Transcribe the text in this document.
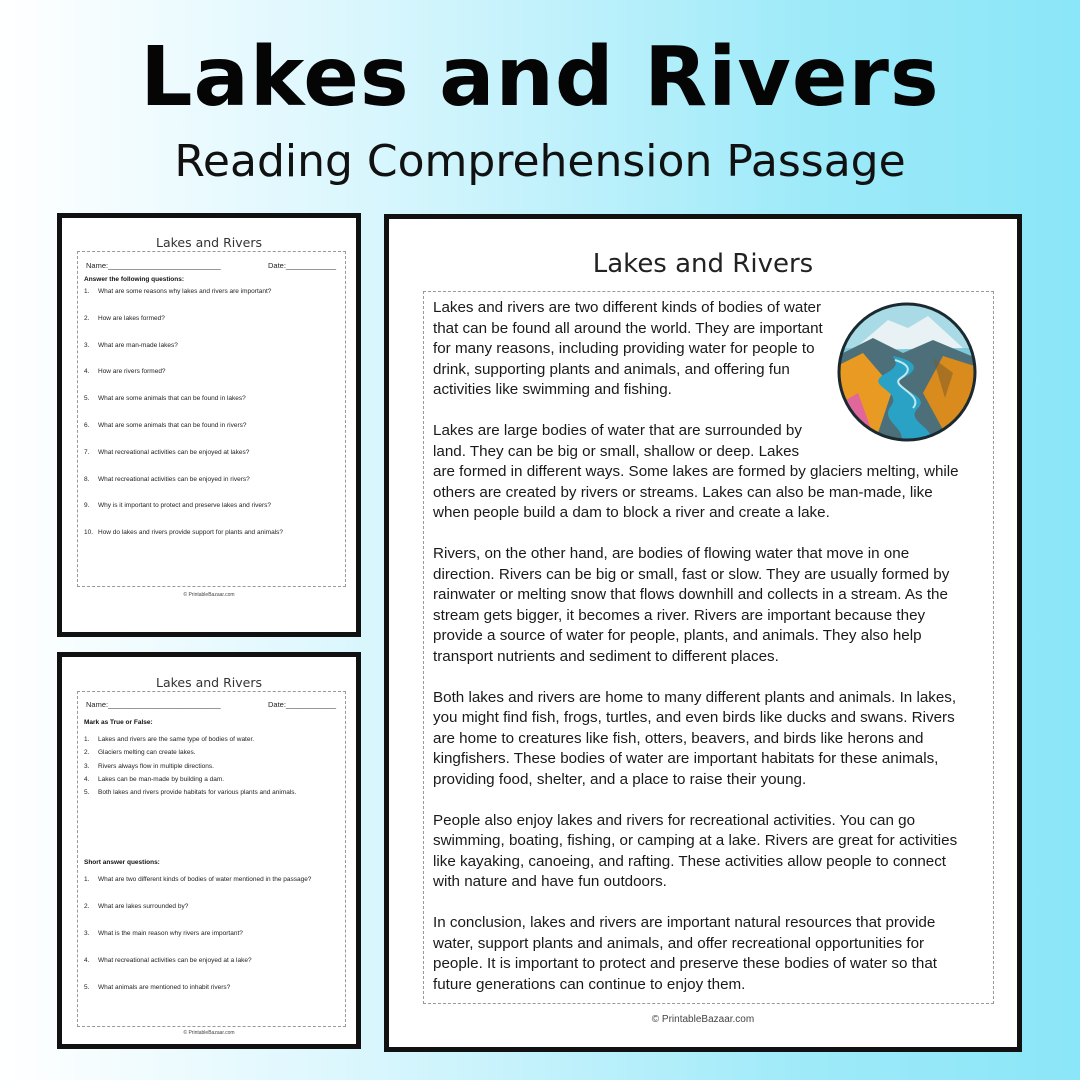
Lakes and Rivers
Reading Comprehension Passage
Lakes and Rivers
Name:___________________________	Date:____________
Answer the following questions:
1. What are some reasons why lakes and rivers are important?
2. How are lakes formed?
3. What are man-made lakes?
4. How are rivers formed?
5. What are some animals that can be found in lakes?
6. What are some animals that can be found in rivers?
7. What recreational activities can be enjoyed at lakes?
8. What recreational activities can be enjoyed in rivers?
9. Why is it important to protect and preserve lakes and rivers?
10. How do lakes and rivers provide support for plants and animals?
© PrintableBazaar.com
Lakes and Rivers
Name:___________________________	Date:____________
Mark as True or False:
1. Lakes and rivers are the same type of bodies of water.
2. Glaciers melting can create lakes.
3. Rivers always flow in multiple directions.
4. Lakes can be man-made by building a dam.
5. Both lakes and rivers provide habitats for various plants and animals.
Short answer questions:
1. What are two different kinds of bodies of water mentioned in the passage?
2. What are lakes surrounded by?
3. What is the main reason why rivers are important?
4. What recreational activities can be enjoyed at a lake?
5. What animals are mentioned to inhabit rivers?
© PrintableBazaar.com
Lakes and Rivers

Lakes and rivers are two different kinds of bodies of water that can be found all around the world. They are important for many reasons, including providing water for people to drink, supporting plants and animals, and offering fun activities like swimming and fishing.

Lakes are large bodies of water that are surrounded by land. They can be big or small, shallow or deep. Lakes are formed in different ways. Some lakes are formed by glaciers melting, while others are created by rivers or streams. Lakes can also be man-made, like when people build a dam to block a river and create a lake.

Rivers, on the other hand, are bodies of flowing water that move in one direction. Rivers can be big or small, fast or slow. They are usually formed by rainwater or melting snow that flows downhill and collects in a stream. As the stream gets bigger, it becomes a river. Rivers are important because they provide a source of water for people, plants, and animals. They also help transport nutrients and sediment to different places.

Both lakes and rivers are home to many different plants and animals. In lakes, you might find fish, frogs, turtles, and even birds like ducks and swans. Rivers are home to creatures like fish, otters, beavers, and birds like herons and kingfishers. These bodies of water are important habitats for these animals, providing food, shelter, and a place to raise their young.

People also enjoy lakes and rivers for recreational activities. You can go swimming, boating, fishing, or camping at a lake. Rivers are great for activities like kayaking, canoeing, and rafting. These activities allow people to connect with nature and have fun outdoors.

In conclusion, lakes and rivers are important natural resources that provide water, support plants and animals, and offer recreational opportunities for people. It is important to protect and preserve these bodies of water so that future generations can continue to enjoy them.

© PrintableBazaar.com
